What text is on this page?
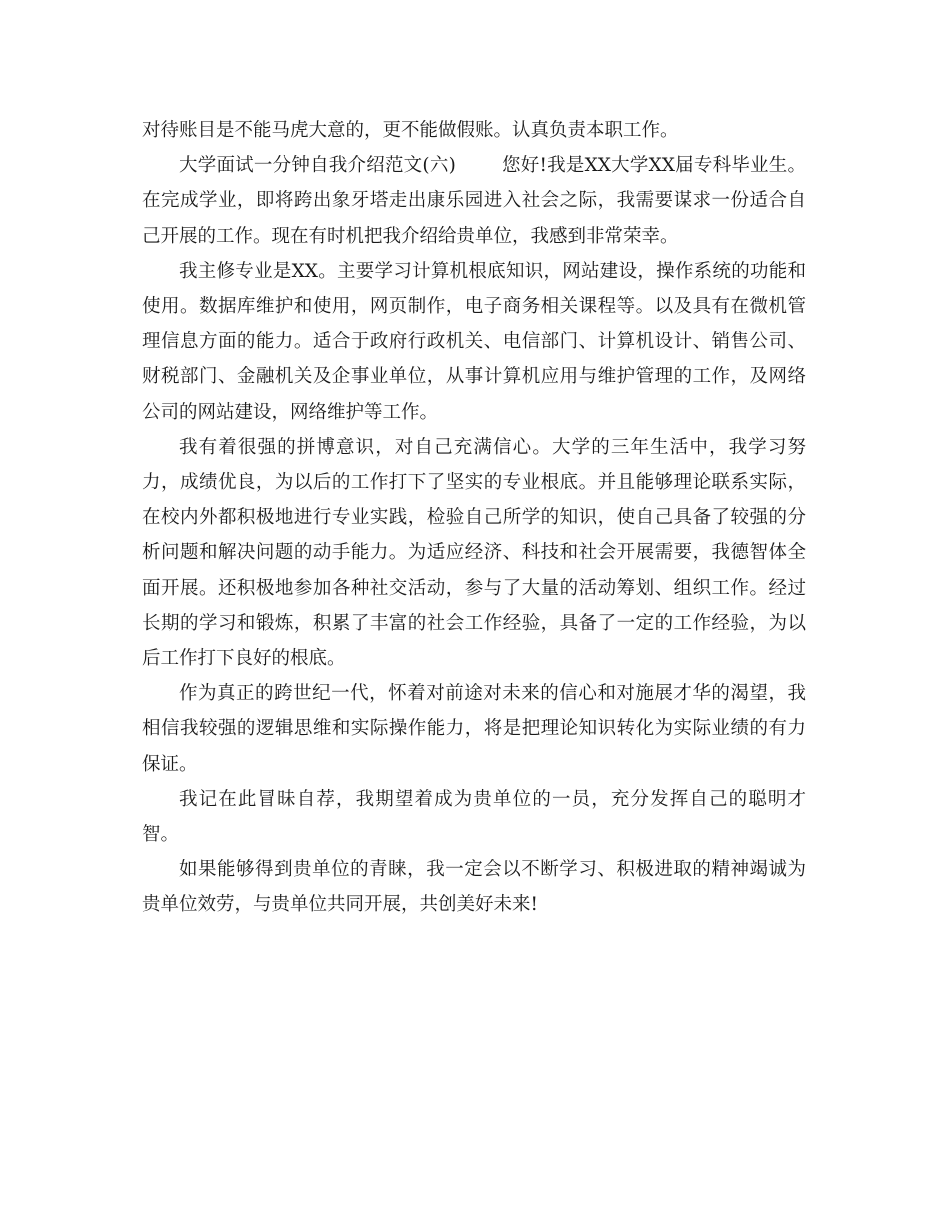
对待账目是不能马虎大意的，更不能做假账。认真负责本职工作。

大学面试一分钟自我介绍范文(六) 您好!我是XX大学XX届专科毕业生。在完成学业，即将跨出象牙塔走出康乐园进入社会之际，我需要谋求一份适合自己开展的工作。现在有时机把我介绍给贵单位，我感到非常荣幸。

我主修专业是XX。主要学习计算机根底知识，网站建设，操作系统的功能和使用。数据库维护和使用，网页制作，电子商务相关课程等。以及具有在微机管理信息方面的能力。适合于政府行政机关、电信部门、计算机设计、销售公司、财税部门、金融机关及企事业单位，从事计算机应用与维护管理的工作，及网络公司的网站建设，网络维护等工作。

我有着很强的拼博意识，对自己充满信心。大学的三年生活中，我学习努力，成绩优良，为以后的工作打下了坚实的专业根底。并且能够理论联系实际，在校内外都积极地进行专业实践，检验自己所学的知识，使自己具备了较强的分析问题和解决问题的动手能力。为适应经济、科技和社会开展需要，我德智体全面开展。还积极地参加各种社交活动，参与了大量的活动筹划、组织工作。经过长期的学习和锻炼，积累了丰富的社会工作经验，具备了一定的工作经验，为以后工作打下良好的根底。

作为真正的跨世纪一代，怀着对前途对未来的信心和对施展才华的渴望，我相信我较强的逻辑思维和实际操作能力，将是把理论知识转化为实际业绩的有力保证。

我记在此冒昧自荐，我期望着成为贵单位的一员，充分发挥自己的聪明才智。

如果能够得到贵单位的青睐，我一定会以不断学习、积极进取的精神竭诚为贵单位效劳，与贵单位共同开展，共创美好未来!
